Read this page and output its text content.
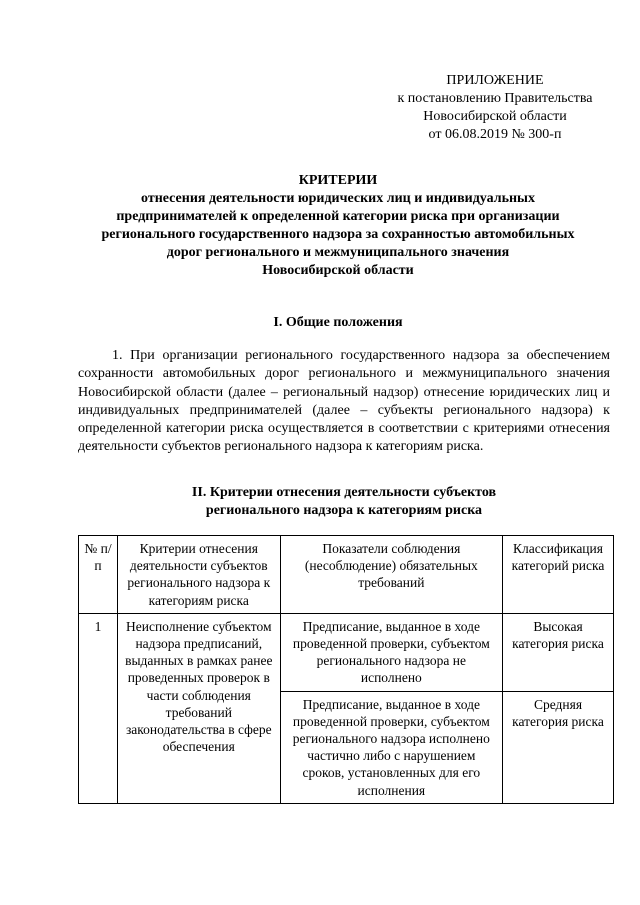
ПРИЛОЖЕНИЕ
к постановлению Правительства
Новосибирской области
от 06.08.2019 № 300-п
КРИТЕРИИ
отнесения деятельности юридических лиц и индивидуальных
предпринимателей к определенной категории риска при организации
регионального государственного надзора за сохранностью автомобильных
дорог регионального и межмуниципального значения
Новосибирской области
I. Общие положения
1. При организации регионального государственного надзора за обеспечением сохранности автомобильных дорог регионального и межмуниципального значения Новосибирской области (далее – региональный надзор) отнесение юридических лиц и индивидуальных предпринимателей (далее – субъекты регионального надзора) к определенной категории риска осуществляется в соответствии с критериями отнесения деятельности субъектов регионального надзора к категориям риска.
II. Критерии отнесения деятельности субъектов
регионального надзора к категориям риска
№ п/п	Критерии отнесения деятельности субъектов регионального надзора к категориям риска	Показатели соблюдения (несоблюдение) обязательных требований	Классификация категорий риска
1	Неисполнение субъектом надзора предписаний, выданных в рамках ранее проведенных проверок в части соблюдения требований законодательства в сфере обеспечения	Предписание, выданное в ходе проведенной проверки, субъектом регионального надзора не исполнено	Высокая категория риска
		Предписание, выданное в ходе проведенной проверки, субъектом регионального надзора исполнено частично либо с нарушением сроков, установленных для его исполнения	Средняя категория риска
